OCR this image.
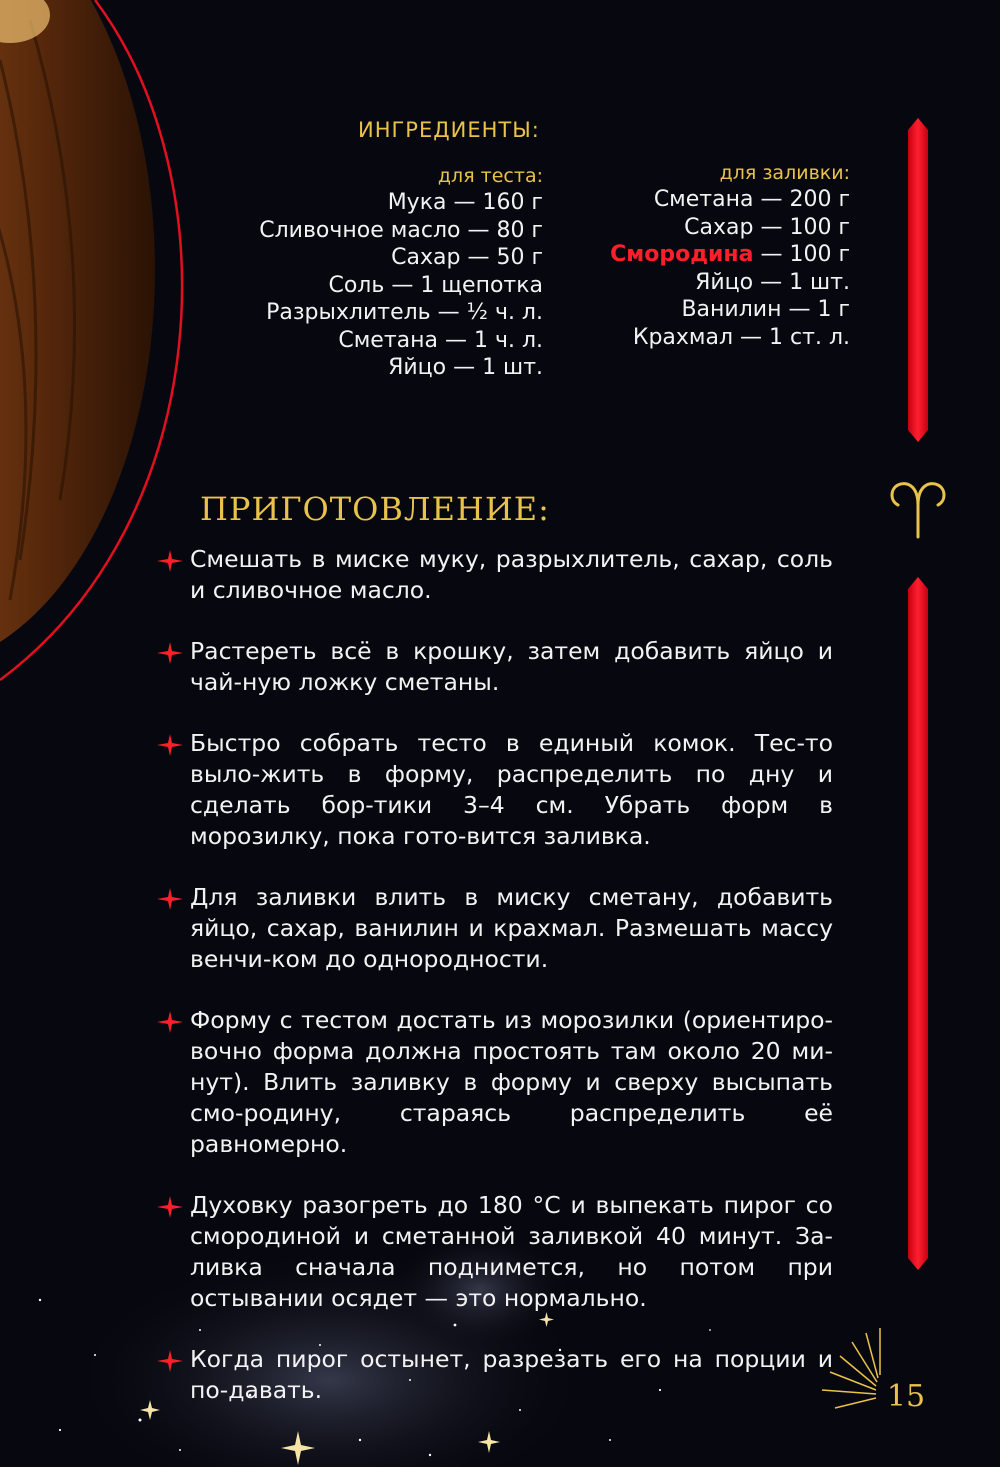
ИНГРЕДИЕНТЫ:
для теста:
Мука — 160 г
Сливочное масло — 80 г
Сахар — 50 г
Соль — 1 щепотка
Разрыхлитель — ½ ч. л.
Сметана — 1 ч. л.
Яйцо — 1 шт.
для заливки:
Сметана — 200 г
Сахар — 100 г
Смородина — 100 г
Яйцо — 1 шт.
Ванилин — 1 г
Крахмал — 1 ст. л.
ПРИГОТОВЛЕНИЕ:
Смешать в миске муку, разрыхлитель, сахар, соль и сливочное масло.
Растереть всё в крошку, затем добавить яйцо и чай-ную ложку сметаны.
Быстро собрать тесто в единый комок. Тес-то выло-жить в форму, распределить по дну и сделать бор-тики 3–4 см. Убрать форм в морозилку, пока гото-вится заливка.
Для заливки влить в миску сметану, добавить яйцо, сахар, ванилин и крахмал. Размешать массу венчи-ком до однородности.
Форму с тестом достать из морозилки (ориентиро-вочно форма должна простоять там около 20 ми-нут). Влить заливку в форму и сверху высыпать смо-родину, стараясь распределить её равномерно.
Духовку разогреть до 180 °C и выпекать пирог со смородиной и сметанной заливкой 40 минут. За-ливка сначала поднимется, но потом при остывании осядет — это нормально.
Когда пирог остынет, разрезать его на порции и по-давать.	15
